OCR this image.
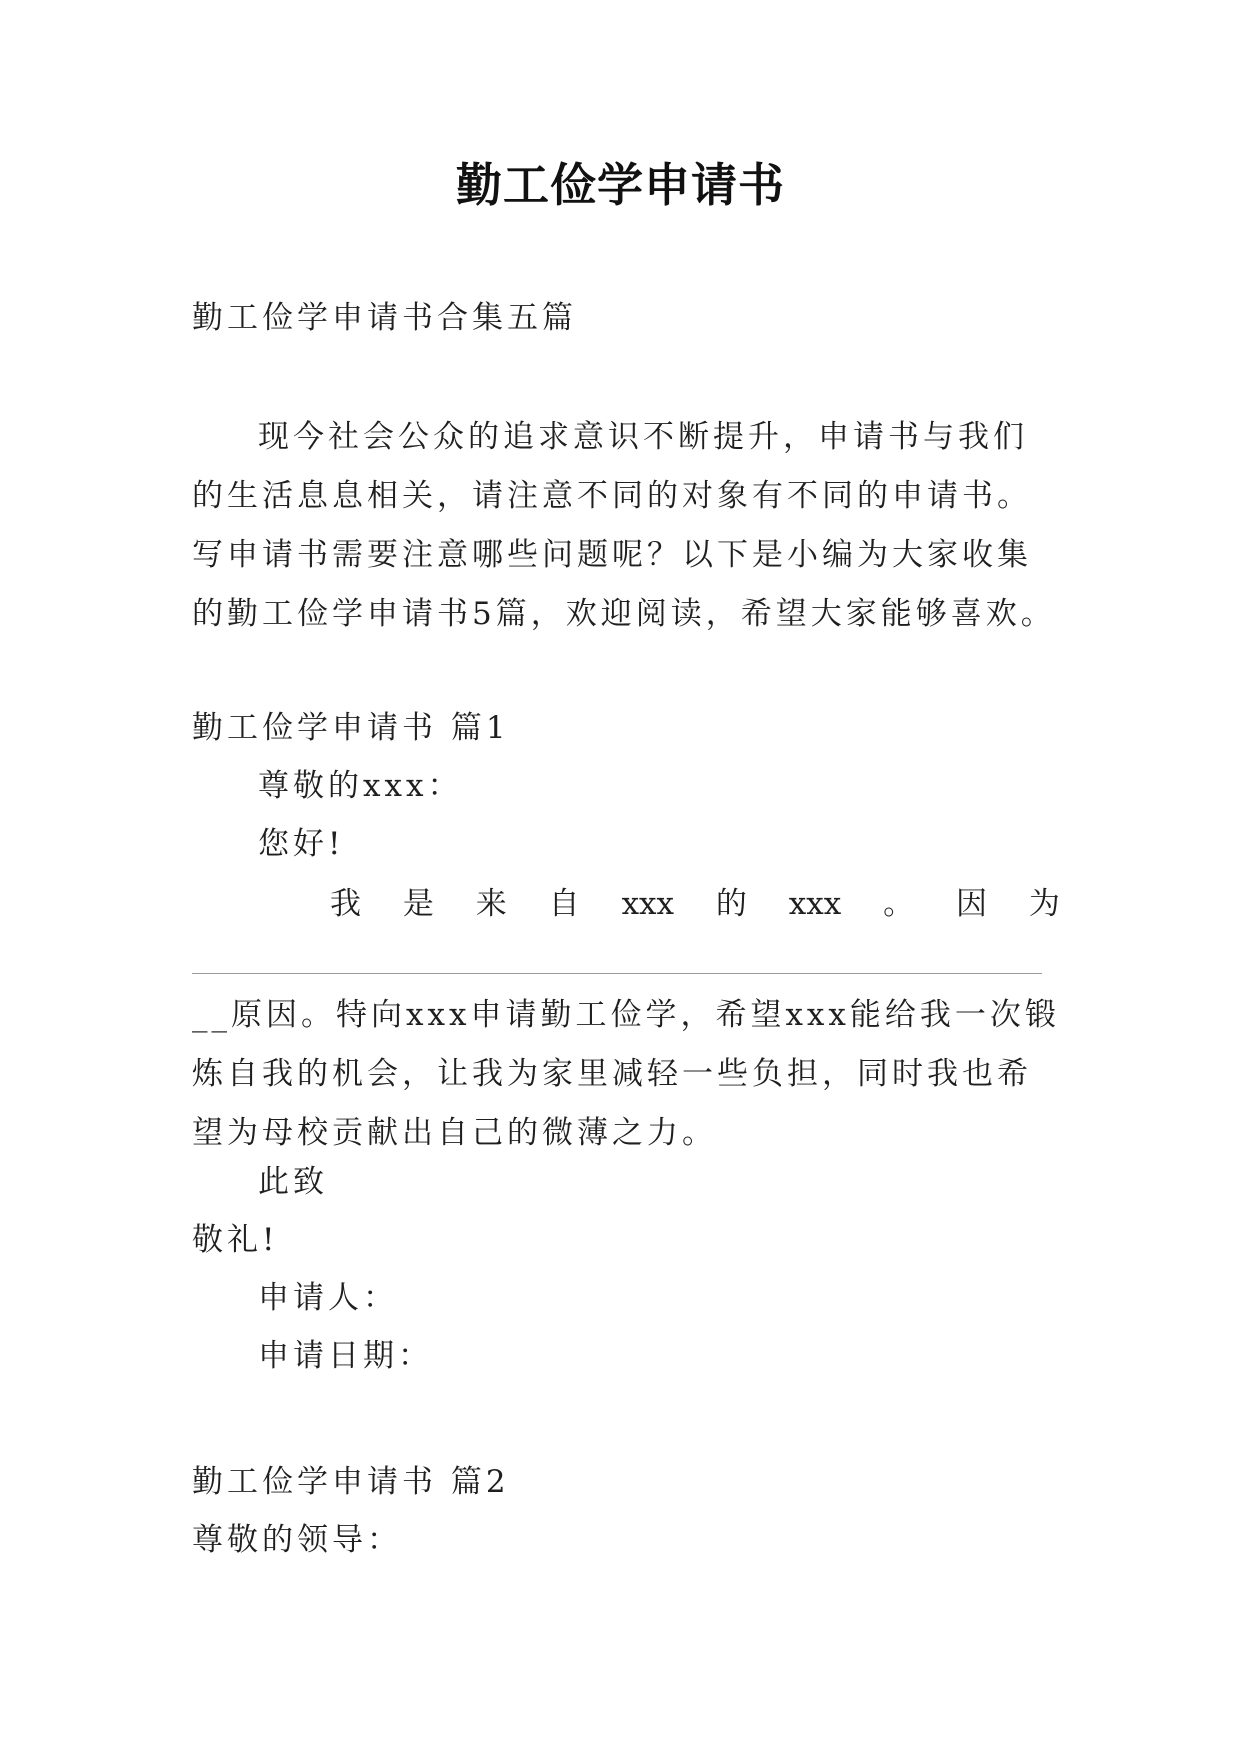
勤工俭学申请书
勤工俭学申请书合集五篇
现今社会公众的追求意识不断提升，申请书与我们的生活息息相关，请注意不同的对象有不同的申请书。写申请书需要注意哪些问题呢？以下是小编为大家收集的勤工俭学申请书5篇，欢迎阅读，希望大家能够喜欢。
勤工俭学申请书 篇1
尊敬的xxx：
您好!
我 是 来 自 xxx 的 xxx 。 因 为
__原因。特向xxx申请勤工俭学，希望xxx能给我一次锻炼自我的机会，让我为家里减轻一些负担，同时我也希望为母校贡献出自己的微薄之力。
此致
敬礼!
申请人：
申请日期：
勤工俭学申请书 篇2
尊敬的领导：
